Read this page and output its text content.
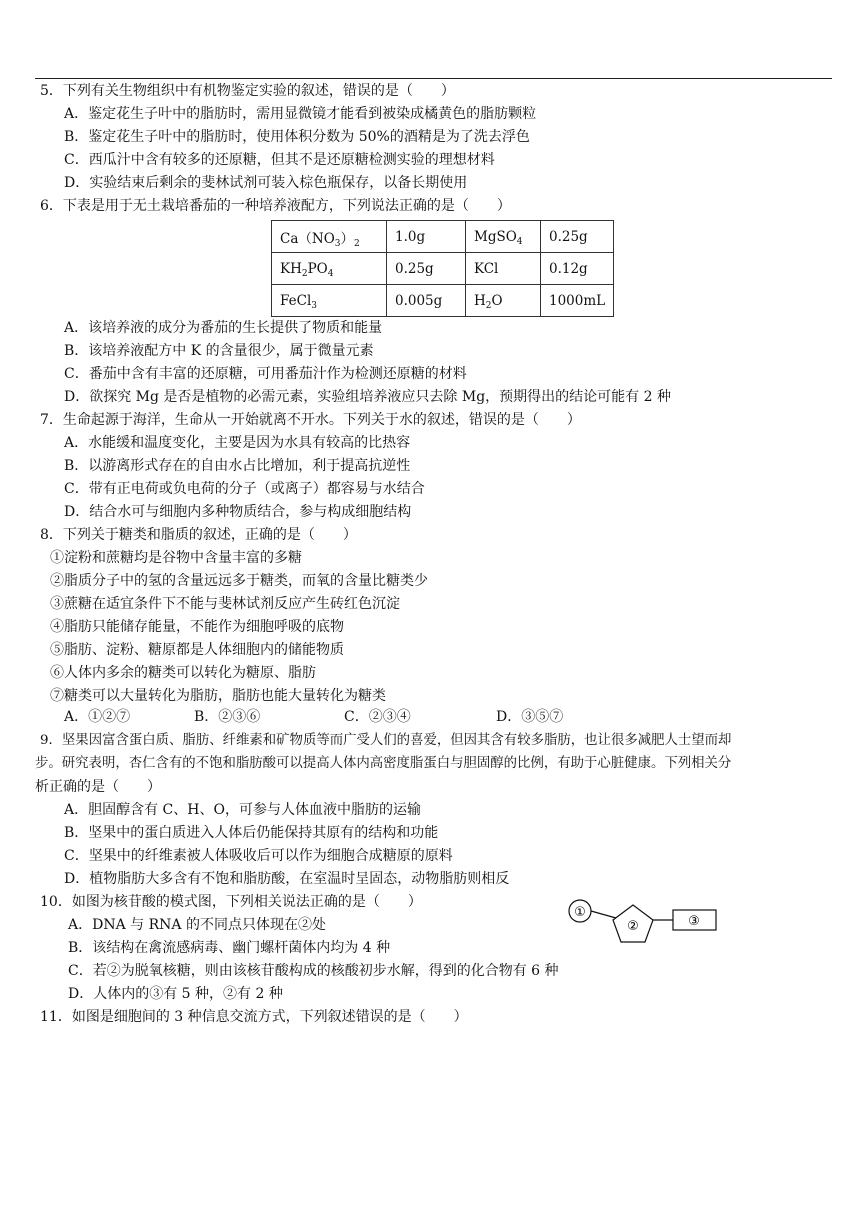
5．下列有关生物组织中有机物鉴定实验的叙述，错误的是（　　）
A．鉴定花生子叶中的脂肪时，需用显微镜才能看到被染成橘黄色的脂肪颗粒
B．鉴定花生子叶中的脂肪时，使用体积分数为 50%的酒精是为了洗去浮色
C．西瓜汁中含有较多的还原糖，但其不是还原糖检测实验的理想材料
D．实验结束后剩余的斐林试剂可装入棕色瓶保存，以备长期使用
6．下表是用于无土栽培番茄的一种培养液配方，下列说法正确的是（　　）
$Ca(NO_3)_2$	1.0g	MgSO$_4$	0.25g
$KH_2PO_4$	0.25g	KCl	0.12g
FeCl$_3$	0.005g	$H_2O$	1000mL
A．该培养液的成分为番茄的生长提供了物质和能量
B．该培养液配方中 K 的含量很少，属于微量元素
C．番茄中含有丰富的还原糖，可用番茄汁作为检测还原糖的材料
D．欲探究 Mg 是否是植物的必需元素，实验组培养液应只去除 Mg，预期得出的结论可能有 2 种
7．生命起源于海洋，生命从一开始就离不开水。下列关于水的叙述，错误的是（　　）
A．水能缓和温度变化，主要是因为水具有较高的比热容
B．以游离形式存在的自由水占比增加，利于提高抗逆性
C．带有正电荷或负电荷的分子（或离子）都容易与水结合
D．结合水可与细胞内多种物质结合，参与构成细胞结构
8．下列关于糖类和脂质的叙述，正确的是（　　）
①淀粉和蔗糖均是谷物中含量丰富的多糖
②脂质分子中的氢的含量远远多于糖类，而氧的含量比糖类少
③蔗糖在适宜条件下不能与斐林试剂反应产生砖红色沉淀
④脂肪只能储存能量，不能作为细胞呼吸的底物
⑤脂肪、淀粉、糖原都是人体细胞内的储能物质
⑥人体内多余的糖类可以转化为糖原、脂肪
⑦糖类可以大量转化为脂肪，脂肪也能大量转化为糖类
A．①②⑦	B．②③⑥	C．②③④	D．③⑤⑦
9．坚果因富含蛋白质、脂肪、纤维素和矿物质等而广受人们的喜爱，但因其含有较多脂肪，也让很多减肥人士望而却
步。研究表明，杏仁含有的不饱和脂肪酸可以提高人体内高密度脂蛋白与胆固醇的比例，有助于心脏健康。下列相关分
析正确的是（　　）
A．胆固醇含有 C、H、O，可参与人体血液中脂肪的运输
B．坚果中的蛋白质进入人体后仍能保持其原有的结构和功能
C．坚果中的纤维素被人体吸收后可以作为细胞合成糖原的原料
D．植物脂肪大多含有不饱和脂肪酸，在室温时呈固态，动物脂肪则相反
10．如图为核苷酸的模式图，下列相关说法正确的是（　　）
A．DNA 与 RNA 的不同点只体现在②处
B．该结构在禽流感病毒、幽门螺杆菌体内均为 4 种
C．若②为脱氧核糖，则由该核苷酸构成的核酸初步水解，得到的化合物有 6 种
D．人体内的③有 5 种，②有 2 种
①
②	③
11．如图是细胞间的 3 种信息交流方式，下列叙述错误的是（　　）
